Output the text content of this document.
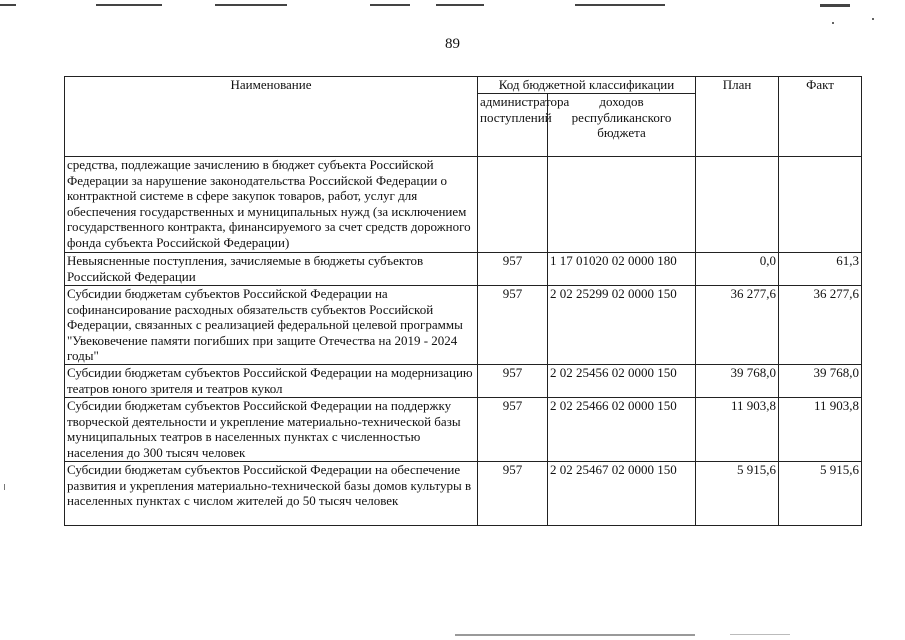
89
Наименование	Код бюджетной классификации		План	Факт
	администратора поступлений	доходов республиканского бюджета		
средства, подлежащие зачислению в бюджет субъекта Российской Федерации за нарушение законодательства Российской Федерации о контрактной системе в сфере закупок товаров, работ, услуг для обеспечения государственных и муниципальных нужд (за исключением государственного контракта, финансируемого за счет средств дорожного фонда субъекта Российской Федерации)				
Невыясненные поступления, зачисляемые в бюджеты субъектов Российской Федерации	957	1 17 01020 02 0000 180	0,0	61,3
Субсидии бюджетам субъектов Российской Федерации на софинансирование расходных обязательств субъектов Российской Федерации, связанных с реализацией федеральной целевой программы "Увековечение памяти погибших при защите Отечества на 2019 - 2024 годы"	957	2 02 25299 02 0000 150	36 277,6	36 277,6
Субсидии бюджетам субъектов Российской Федерации на модернизацию театров юного зрителя и театров кукол	957	2 02 25456 02 0000 150	39 768,0	39 768,0
Субсидии бюджетам субъектов Российской Федерации на поддержку творческой деятельности и укрепление материально-технической базы муниципальных театров в населенных пунктах с численностью населения до 300 тысяч человек	957	2 02 25466 02 0000 150	11 903,8	11 903,8
Субсидии бюджетам субъектов Российской Федерации на обеспечение развития и укрепления материально-технической базы домов культуры в населенных пунктах с числом жителей до 50 тысяч человек	957	2 02 25467 02 0000 150	5 915,6	5 915,6
